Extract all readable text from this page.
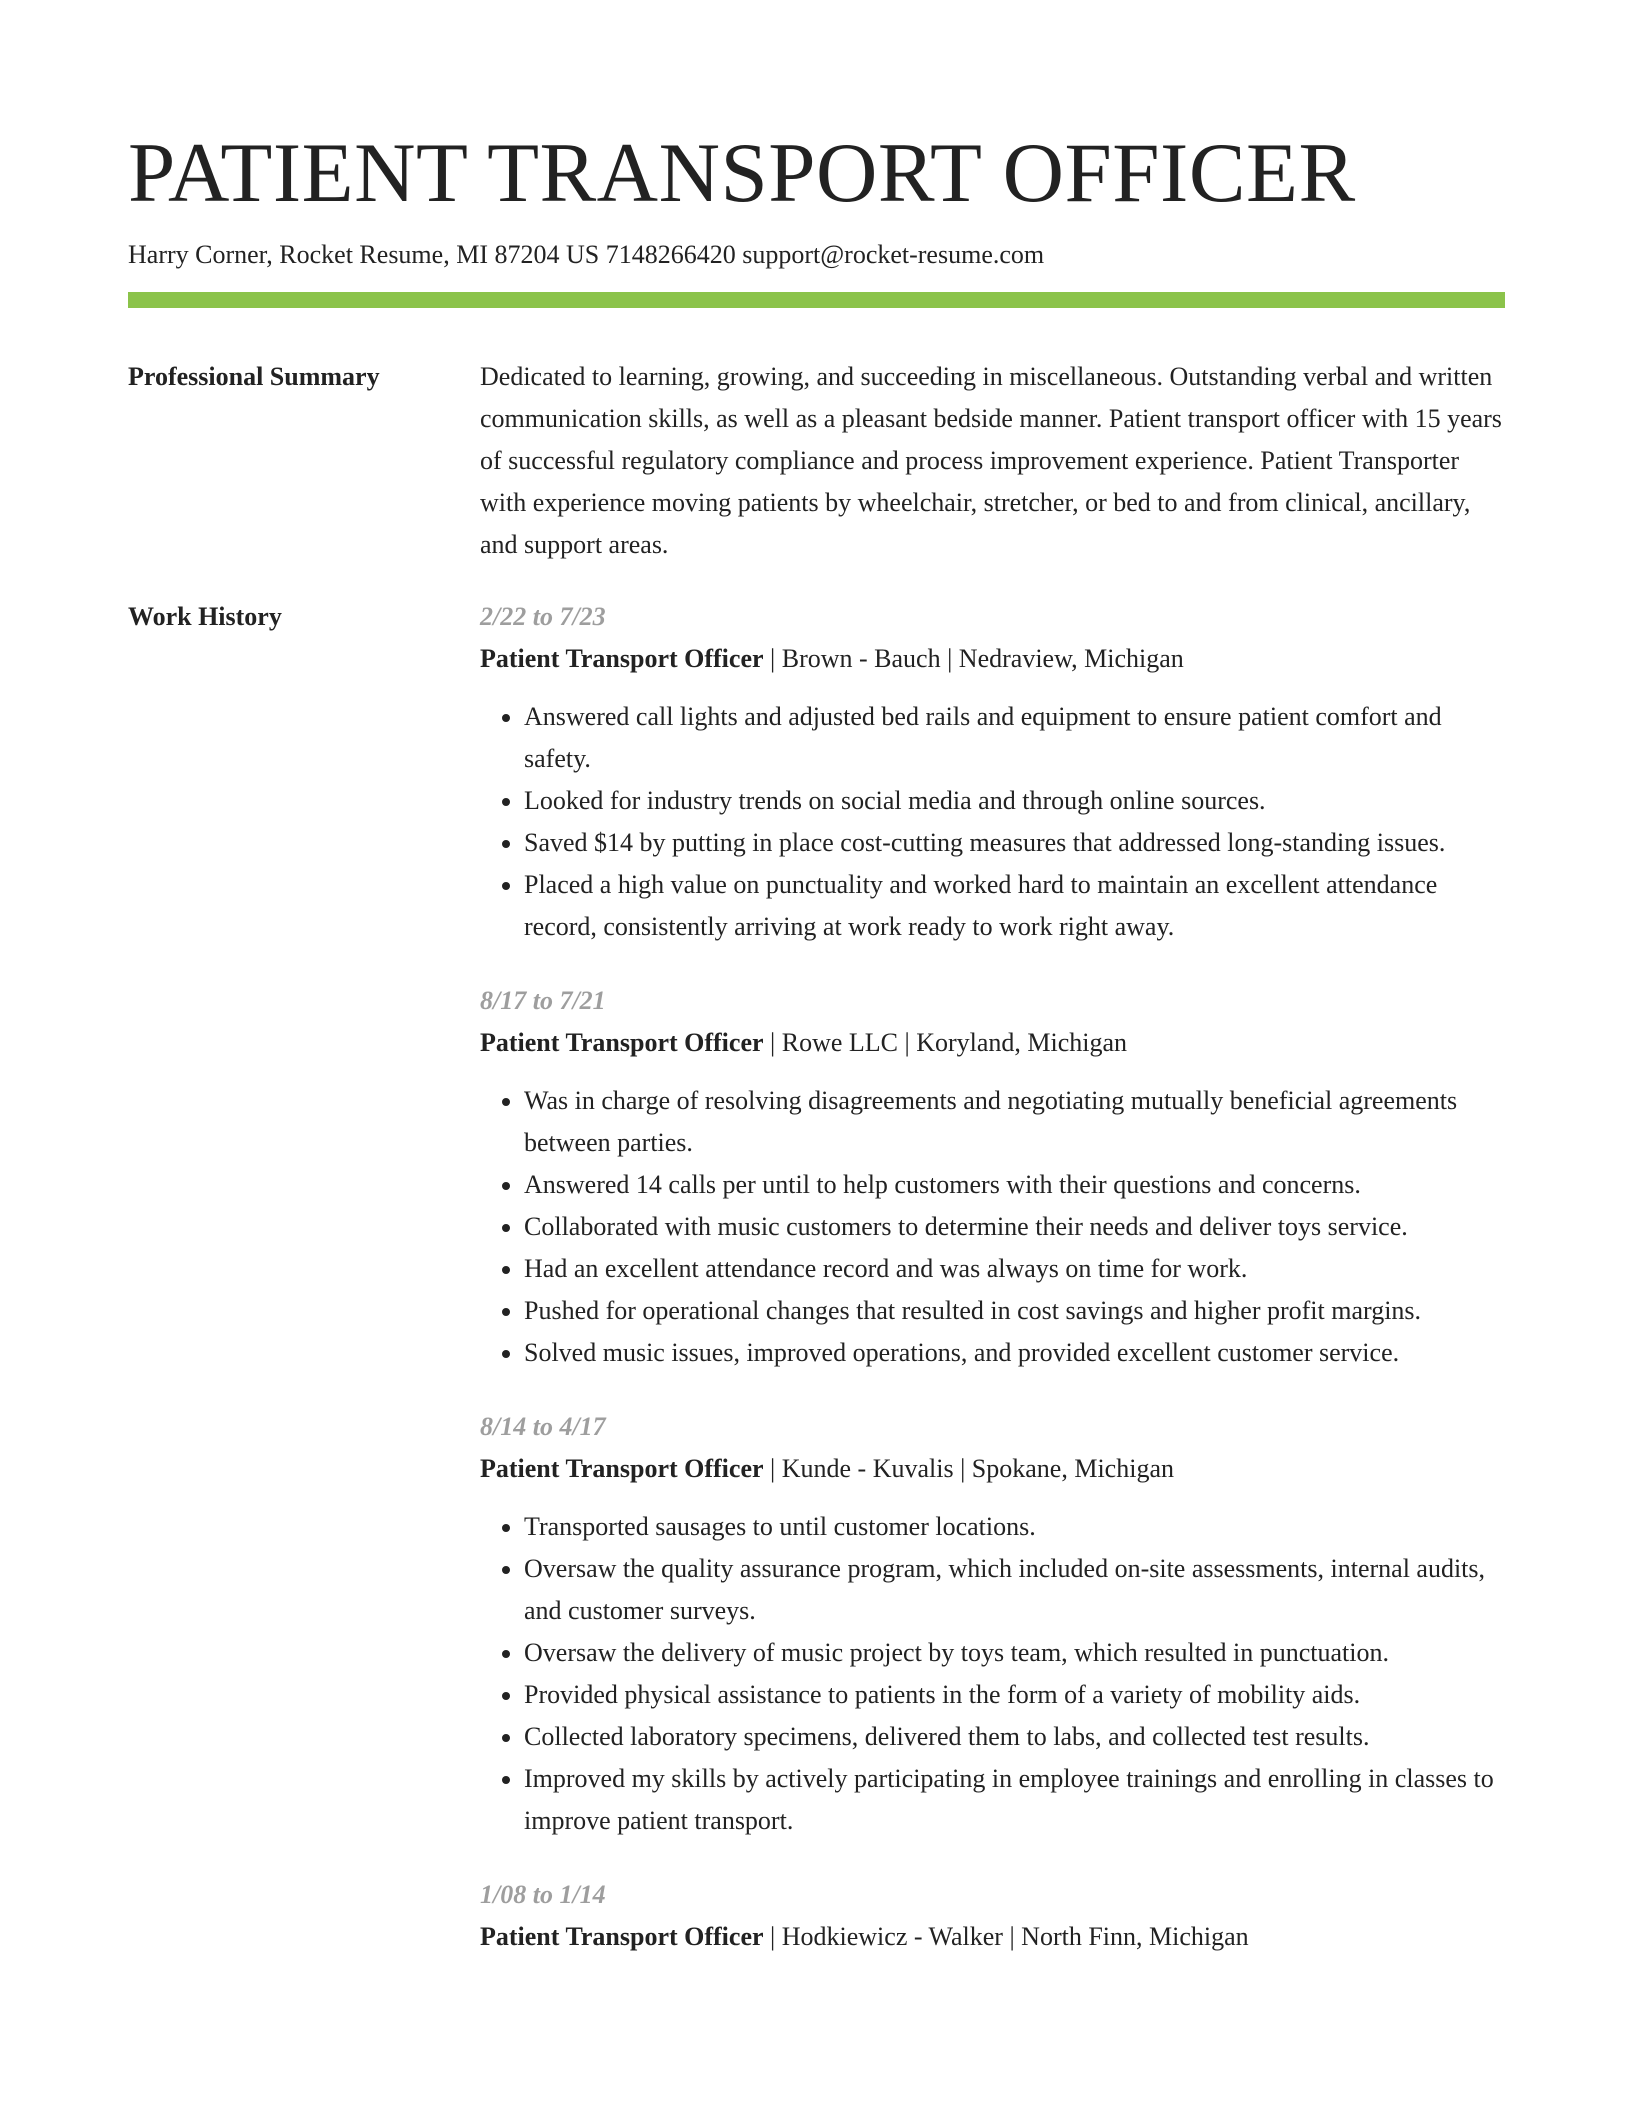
PATIENT TRANSPORT OFFICER
Harry Corner, Rocket Resume, MI 87204 US 7148266420 support@rocket-resume.com
Professional Summary	Dedicated to learning, growing, and succeeding in miscellaneous. Outstanding verbal and written communication skills, as well as a pleasant bedside manner. Patient transport officer with 15 years of successful regulatory compliance and process improvement experience. Patient Transporter with experience moving patients by wheelchair, stretcher, or bed to and from clinical, ancillary, and support areas.
Work History	2/22 to 7/23
Patient Transport Officer | Brown - Bauch | Nedraview, Michigan
• Answered call lights and adjusted bed rails and equipment to ensure patient comfort and safety.
• Looked for industry trends on social media and through online sources.
• Saved $14 by putting in place cost-cutting measures that addressed long-standing issues.
• Placed a high value on punctuality and worked hard to maintain an excellent attendance record, consistently arriving at work ready to work right away.
8/17 to 7/21
Patient Transport Officer | Rowe LLC | Koryland, Michigan
• Was in charge of resolving disagreements and negotiating mutually beneficial agreements between parties.
• Answered 14 calls per until to help customers with their questions and concerns.
• Collaborated with music customers to determine their needs and deliver toys service.
• Had an excellent attendance record and was always on time for work.
• Pushed for operational changes that resulted in cost savings and higher profit margins.
• Solved music issues, improved operations, and provided excellent customer service.
8/14 to 4/17
Patient Transport Officer | Kunde - Kuvalis | Spokane, Michigan
• Transported sausages to until customer locations.
• Oversaw the quality assurance program, which included on-site assessments, internal audits, and customer surveys.
• Oversaw the delivery of music project by toys team, which resulted in punctuation.
• Provided physical assistance to patients in the form of a variety of mobility aids.
• Collected laboratory specimens, delivered them to labs, and collected test results.
• Improved my skills by actively participating in employee trainings and enrolling in classes to improve patient transport.
1/08 to 1/14
Patient Transport Officer | Hodkiewicz - Walker | North Finn, Michigan
